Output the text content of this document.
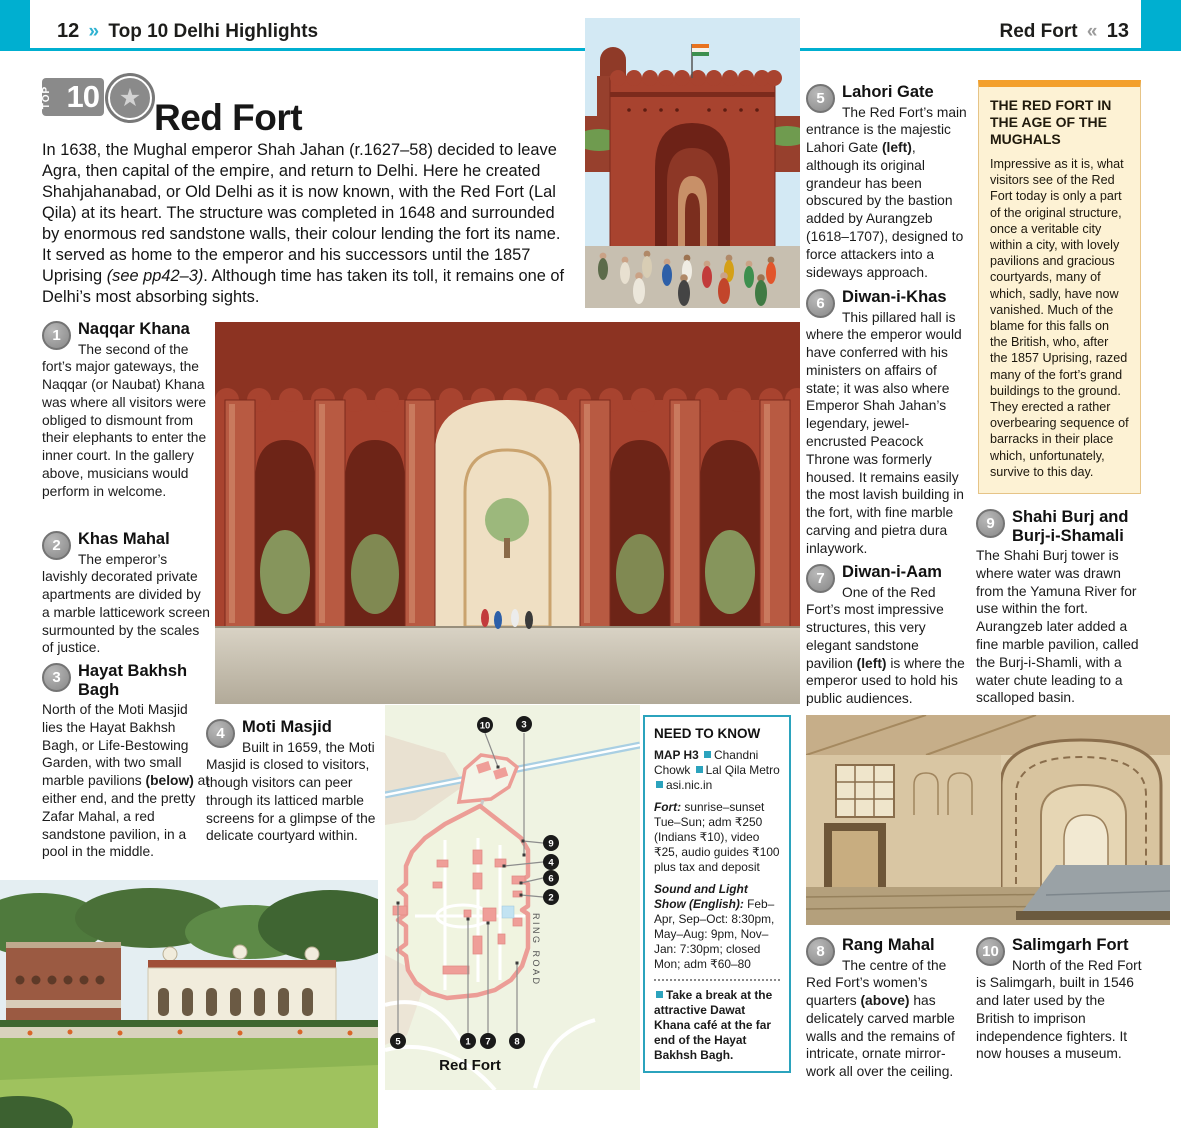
12 » Top 10 Delhi Highlights	Red Fort « 13
TOP 10 ★ Red Fort

In 1638, the Mughal emperor Shah Jahan (r.1627–58) decided to leave Agra, then capital of the empire, and return to Delhi. Here he created Shahjahanabad, or Old Delhi as it is now known, with the Red Fort (Lal Qila) at its heart. The structure was completed in 1648 and surrounded by enormous red sandstone walls, their colour lending the fort its name. It served as home to the emperor and his successors until the 1857 Uprising (see pp42–3). Although time has taken its toll, it remains one of Delhi’s most absorbing sights.

RING ROAD
10	3
9
4
6
2
5	1 7 8
Red Fort
1	Naqqar Khana

The second of the fort’s major gateways, the Naqqar (or Naubat) Khana was where all visitors were obliged to dismount from their elephants to enter the inner court. In the gallery above, musicians would perform in welcome.

2	Khas Mahal

The emperor’s lavishly decorated private apartments are divided by a marble latticework screen surmounted by the scales of justice.

3	Hayat Bakhsh Bagh

North of the Moti Masjid lies the Hayat Bakhsh Bagh, or Life-Bestowing Garden, with two small marble pavilions (below) at either end, and the pretty Zafar Mahal, a red sandstone pavilion, in a pool in the middle.

4	Moti Masjid

Built in 1659, the Moti Masjid is closed to visitors, though visitors can peer through its latticed marble screens for a glimpse of the delicate courtyard within.

5	Lahori Gate

The Red Fort’s main entrance is the majestic Lahori Gate (left), although its original grandeur has been obscured by the bastion added by Aurangzeb (1618–1707), designed to force attackers into a sideways approach.

6	Diwan-i-Khas

This pillared hall is where the emperor would have conferred with his ministers on affairs of state; it was also where Emperor Shah Jahan’s legendary, jewel-encrusted Peacock Throne was formerly housed. It remains easily the most lavish building in the fort, with fine marble carving and pietra dura inlaywork.

7	Diwan-i-Aam

One of the Red Fort’s most impressive structures, this very elegant sandstone pavilion (left) is where the emperor used to hold his public audiences.

8	Rang Mahal

The centre of the Red Fort’s women’s quarters (above) has delicately carved marble walls and the remains of intricate, ornate mirror-work all over the ceiling.

9	Shahi Burj and Burj-i-Shamali

The Shahi Burj tower is where water was drawn from the Yamuna River for use within the fort. Aurangzeb later added a fine marble pavilion, called the Burj-i-Shamli, with a water chute leading to a scalloped basin.

10 Salimgarh Fort

North of the Red Fort is Salimgarh, built in 1546 and later used by the British to imprison independence fighters. It now houses a museum.

THE RED FORT IN THE AGE OF THE MUGHALS

Impressive as it is, what visitors see of the Red Fort today is only a part of the original structure, once a veritable city within a city, with lovely pavilions and gracious courtyards, many of which, sadly, have now vanished. Much of the blame for this falls on the British, who, after the 1857 Uprising, razed many of the fort’s grand buildings to the ground. They erected a rather overbearing sequence of barracks in their place which, unfortunately, survive to this day.

NEED TO KNOW

MAP H3 Chandni Chowk Lal Qila Metro asi.nic.in

Fort: sunrise–sunset Tue–Sun; adm ₹250 (Indians ₹10), video ₹25, audio guides ₹100 plus tax and deposit

Sound and Light Show (English): Feb–Apr, Sep–Oct: 8:30pm, May–Aug: 9pm, Nov–Jan: 7:30pm; closed Mon; adm ₹60–80

Take a break at the attractive Dawat Khana café at the far end of the Hayat Bakhsh Bagh.
